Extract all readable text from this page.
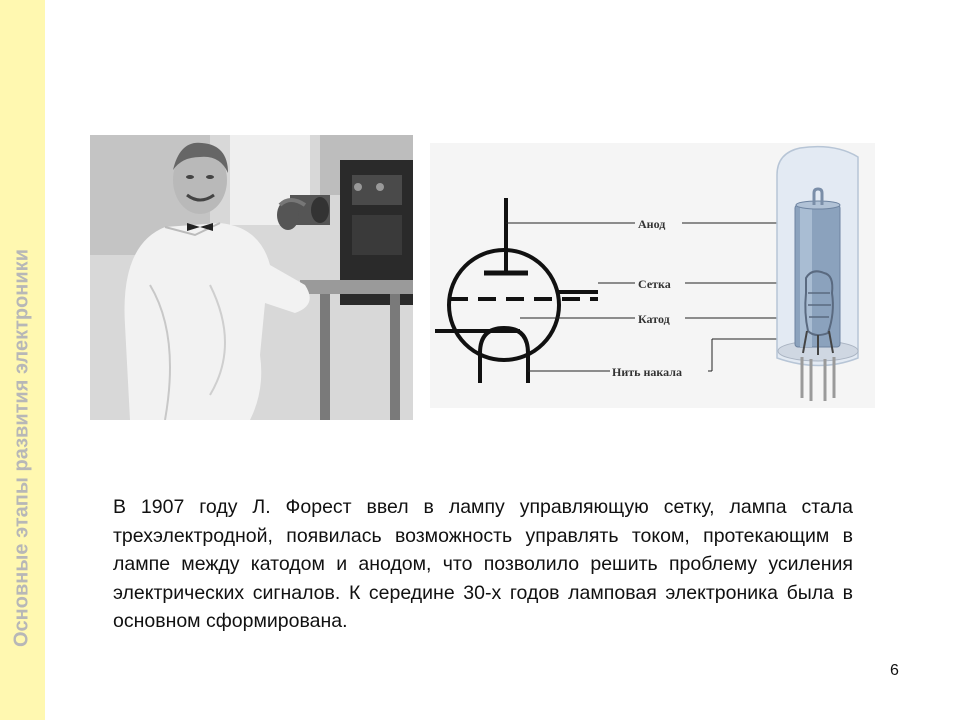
Основные этапы развития электроники
Анод
Сетка
Катод
Нить накала

В 1907 году Л. Форест ввел в лампу управляющую сетку, лампа стала трехэлектродной, появилась возможность управлять током, протекающим в лампе между катодом и анодом, что позволило решить проблему усиления электрических сигналов. К середине 30-х годов ламповая электроника была в основном сформирована.

6
